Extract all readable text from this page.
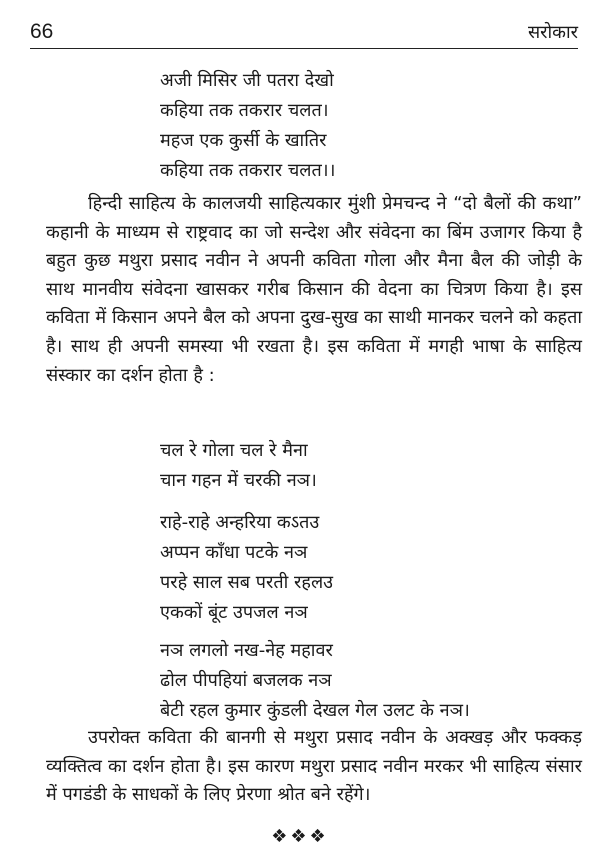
66	सरोकार
अजी मिसिर जी पतरा देखो
कहिया तक तकरार चलत।
महज एक कुर्सी के खातिर
कहिया तक तकरार चलत।।

हिन्दी साहित्य के कालजयी साहित्यकार मुंशी प्रेमचन्द ने “दो बैलों की कथा” कहानी के माध्यम से राष्ट्रवाद का जो सन्देश और संवेदना का बिंम उजागर किया है बहुत कुछ मथुरा प्रसाद नवीन ने अपनी कविता गोला और मैना बैल की जोड़ी के साथ मानवीय संवेदना खासकर गरीब किसान की वेदना का चित्रण किया है। इस कविता में किसान अपने बैल को अपना दुख-सुख का साथी मानकर चलने को कहता है। साथ ही अपनी समस्या भी रखता है। इस कविता में मगही भाषा के साहित्य संस्कार का दर्शन होता है :

चल रे गोला चल रे मैना
चान गहन में चरकी नञ।
राहे-राहे अन्हरिया कऽतउ
अप्पन काँधा पटके नञ
परहे साल सब परती रहलउ
एककों बूंट उपजल नञ
नञ लगलो नख-नेह महावर
ढोल पीपहियां बजलक नञ
बेटी रहल कुमार कुंडली देखल गेल उलट के नञ।

उपरोक्त कविता की बानगी से मथुरा प्रसाद नवीन के अक्खड़ और फक्कड़ व्यक्तित्व का दर्शन होता है। इस कारण मथुरा प्रसाद नवीन मरकर भी साहित्य संसार में पगडंडी के साधकों के लिए प्रेरणा श्रोत बने रहेंगे।

❖❖❖
